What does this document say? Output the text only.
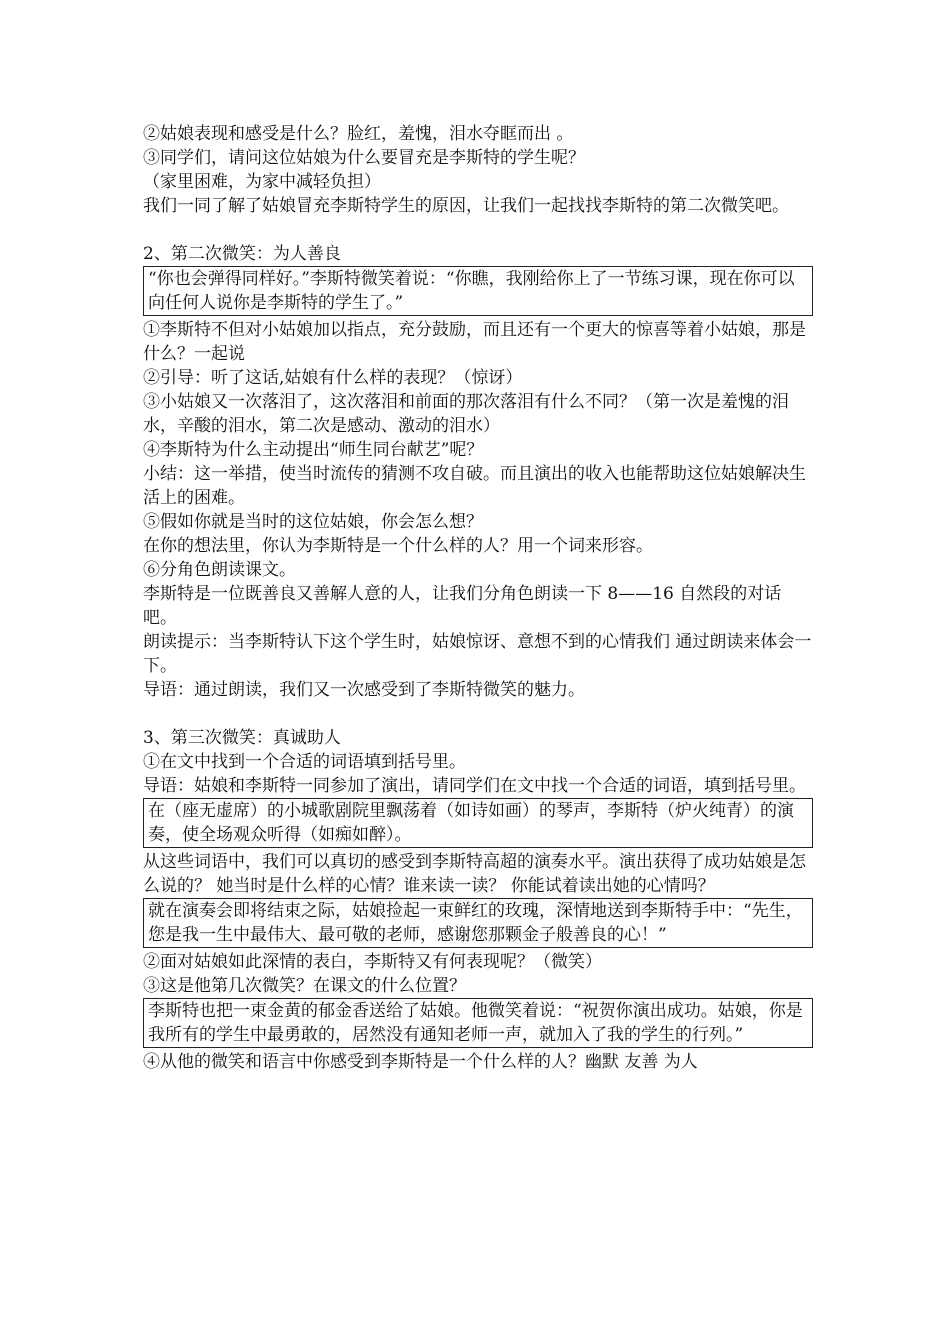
②姑娘表现和感受是什么？脸红，羞愧，泪水夺眶而出 。

③同学们，请问这位姑娘为什么要冒充是李斯特的学生呢？

（家里困难，为家中减轻负担）

我们一同了解了姑娘冒充李斯特学生的原因，让我们一起找找李斯特的第二次微笑吧。

2、第二次微笑：为人善良

“你也会弹得同样好。”李斯特微笑着说：“你瞧，我刚给你上了一节练习课，现在你可以向任何人说你是李斯特的学生了。”

①李斯特不但对小姑娘加以指点，充分鼓励，而且还有一个更大的惊喜等着小姑娘，那是什么？一起说

②引导：听了这话,姑娘有什么样的表现？（惊讶）

③小姑娘又一次落泪了，这次落泪和前面的那次落泪有什么不同？（第一次是羞愧的泪水，辛酸的泪水，第二次是感动、激动的泪水）

④李斯特为什么主动提出“师生同台献艺”呢？

小结：这一举措，使当时流传的猜测不攻自破。而且演出的收入也能帮助这位姑娘解决生活上的困难。

⑤假如你就是当时的这位姑娘，你会怎么想？

在你的想法里，你认为李斯特是一个什么样的人？用一个词来形容。

⑥分角色朗读课文。

李斯特是一位既善良又善解人意的人，让我们分角色朗读一下 8——16 自然段的对话吧。

朗读提示：当李斯特认下这个学生时，姑娘惊讶、意想不到的心情我们 通过朗读来体会一下。

导语：通过朗读，我们又一次感受到了李斯特微笑的魅力。

3、第三次微笑：真诚助人

①在文中找到一个合适的词语填到括号里。

导语：姑娘和李斯特一同参加了演出，请同学们在文中找一个合适的词语，填到括号里。

在（座无虚席）的小城歌剧院里飘荡着（如诗如画）的琴声，李斯特（炉火纯青）的演奏，使全场观众听得（如痴如醉）。

从这些词语中，我们可以真切的感受到李斯特高超的演奏水平。演出获得了成功姑娘是怎么说的？ 她当时是什么样的心情？谁来读一读？ 你能试着读出她的心情吗？

就在演奏会即将结束之际，姑娘捡起一束鲜红的玫瑰，深情地送到李斯特手中：“先生，您是我一生中最伟大、最可敬的老师，感谢您那颗金子般善良的心！”

②面对姑娘如此深情的表白，李斯特又有何表现呢？（微笑）

③这是他第几次微笑？在课文的什么位置？

李斯特也把一束金黄的郁金香送给了姑娘。他微笑着说：“祝贺你演出成功。姑娘，你是我所有的学生中最勇敢的，居然没有通知老师一声，就加入了我的学生的行列。”

④从他的微笑和语言中你感受到李斯特是一个什么样的人？幽默 友善 为人
